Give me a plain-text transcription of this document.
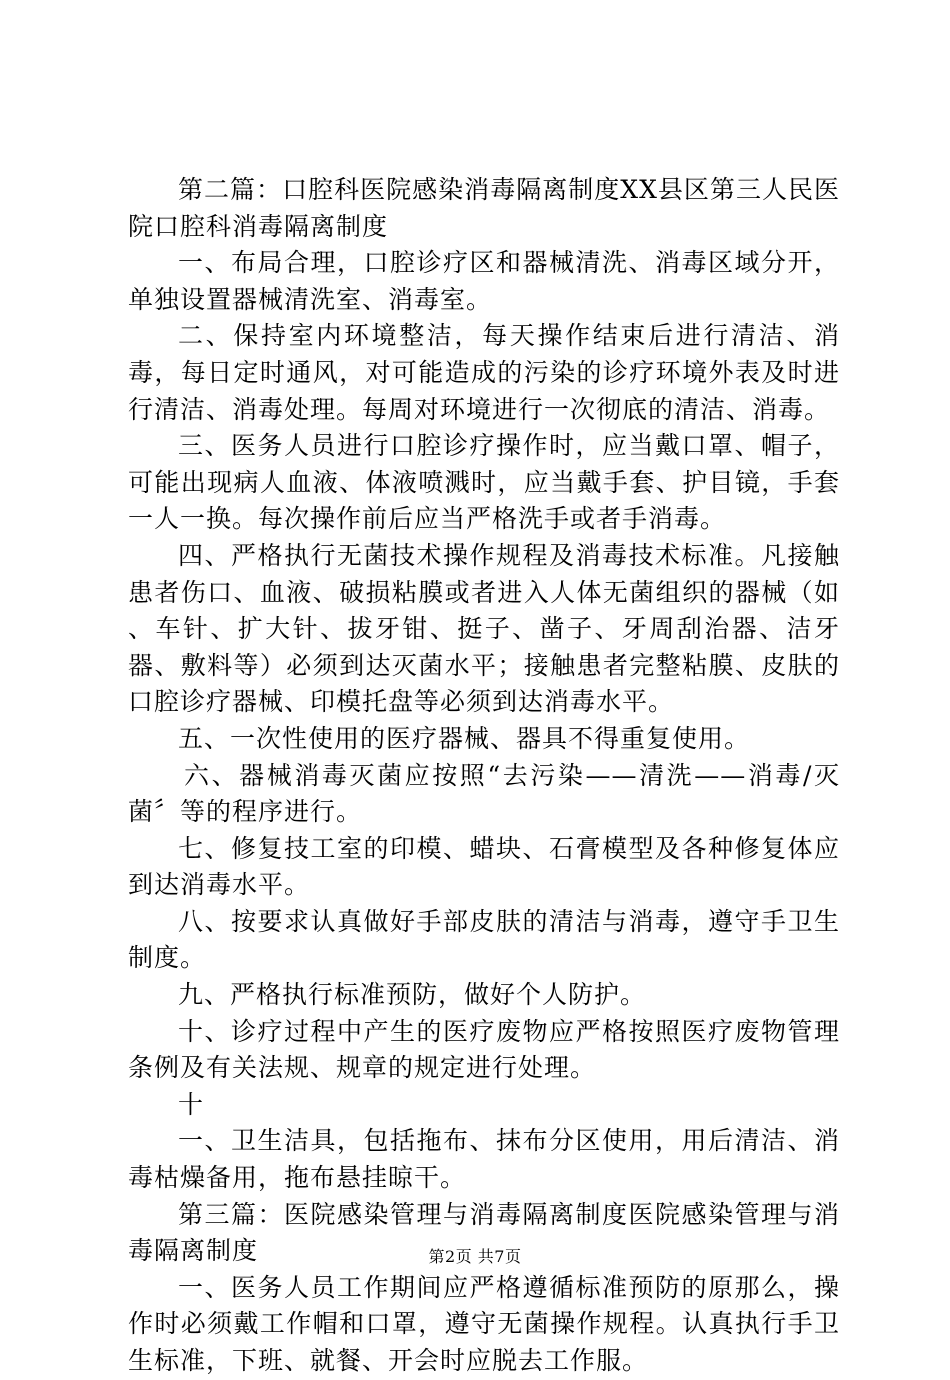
第二篇：口腔科医院感染消毒隔离制度XX县区第三人民医院口腔科消毒隔离制度

一、布局合理，口腔诊疗区和器械清洗、消毒区域分开，单独设置器械清洗室、消毒室。

二、保持室内环境整洁，每天操作结束后进行清洁、消毒，每日定时通风，对可能造成的污染的诊疗环境外表及时进行清洁、消毒处理。每周对环境进行一次彻底的清洁、消毒。

三、医务人员进行口腔诊疗操作时，应当戴口罩、帽子，可能出现病人血液、体液喷溅时，应当戴手套、护目镜，手套一人一换。每次操作前后应当严格洗手或者手消毒。

四、严格执行无菌技术操作规程及消毒技术标准。凡接触患者伤口、血液、破损粘膜或者进入人体无菌组织的器械（如　　、车针、扩大针、拔牙钳、挺子、凿子、牙周刮治器、洁牙器、敷料等）必须到达灭菌水平；接触患者完整粘膜、皮肤的口腔诊疗器械、印模托盘等必须到达消毒水平。

五、一次性使用的医疗器械、器具不得重复使用。

六、器械消毒灭菌应按照“去污染——清洗——消毒/灭菌〞等的程序进行。

七、修复技工室的印模、蜡块、石膏模型及各种修复体应到达消毒水平。

八、按要求认真做好手部皮肤的清洁与消毒，遵守手卫生制度。

九、严格执行标准预防，做好个人防护。

十、诊疗过程中产生的医疗废物应严格按照医疗废物管理条例及有关法规、规章的规定进行处理。

十

一、卫生洁具，包括拖布、抹布分区使用，用后清洁、消毒枯燥备用，拖布悬挂晾干。

第三篇：医院感染管理与消毒隔离制度医院感染管理与消毒隔离制度

一、医务人员工作期间应严格遵循标准预防的原那么，操作时必须戴工作帽和口罩，遵守无菌操作规程。认真执行手卫生标准，下班、就餐、开会时应脱去工作服。

第2页 共7页
